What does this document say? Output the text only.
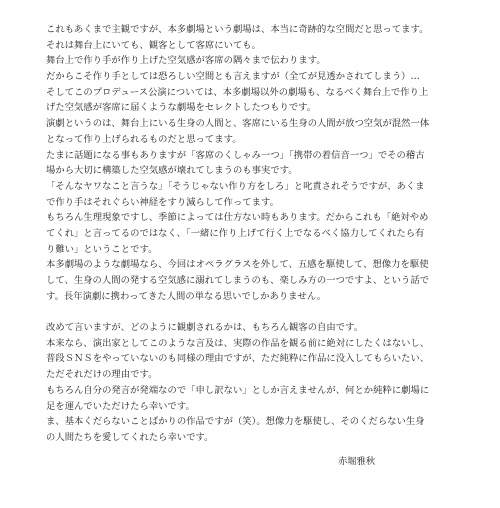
これもあくまで主観ですが、本多劇場という劇場は、本当に奇跡的な空間だと思ってます。
それは舞台上にいても、観客として客席にいても。
舞台上で作り手が作り上げた空気感が客席の隅々まで伝わります。
だからこそ作り手としては恐ろしい空間とも言えますが（全てが見透かされてしまう）…
そしてこのプロデュース公演については、本多劇場以外の劇場も、なるべく舞台上で作り上
げた空気感が客席に届くような劇場をセレクトしたつもりです。
演劇というのは、舞台上にいる生身の人間と、客席にいる生身の人間が放つ空気が混然一体
となって作り上げられるものだと思ってます。
たまに話題になる事もありますが「客席のくしゃみ一つ」「携帯の着信音一つ」でその稽古
場から大切に構築した空気感が壊れてしまうのも事実です。
「そんなヤワなこと言うな」「そうじゃない作り方をしろ」と叱責されそうですが、あくま
で作り手はそれぐらい神経をすり減らして作ってます。
もちろん生理現象ですし、季節によっては仕方ない時もあります。だからこれも「絶対やめ
てくれ」と言ってるのではなく、「一緒に作り上げて行く上でなるべく協力してくれたら有
り難い」ということです。
本多劇場のような劇場なら、今回はオペラグラスを外して、五感を駆使して、想像力を駆使
して、生身の人間の発する空気感に溺れてしまうのも、楽しみ方の一つですよ、という話で
す。長年演劇に携わってきた人間の単なる思いでしかありません。
改めて言いますが、どのように観劇されるかは、もちろん観客の自由です。
本来なら、演出家としてこのような言及は、実際の作品を観る前に絶対にしたくはないし、
普段ＳＮＳをやっていないのも同様の理由ですが、ただ純粋に作品に没入してもらいたい、
ただそれだけの理由です。
もちろん自分の発言が発端なので「申し訳ない」としか言えませんが、何とか純粋に劇場に
足を運んでいただけたら幸いです。
ま、基本くだらないことばかりの作品ですが（笑）。想像力を駆使し、そのくだらない生身
の人間たちを愛してくれたら幸いです。
赤堀雅秋
